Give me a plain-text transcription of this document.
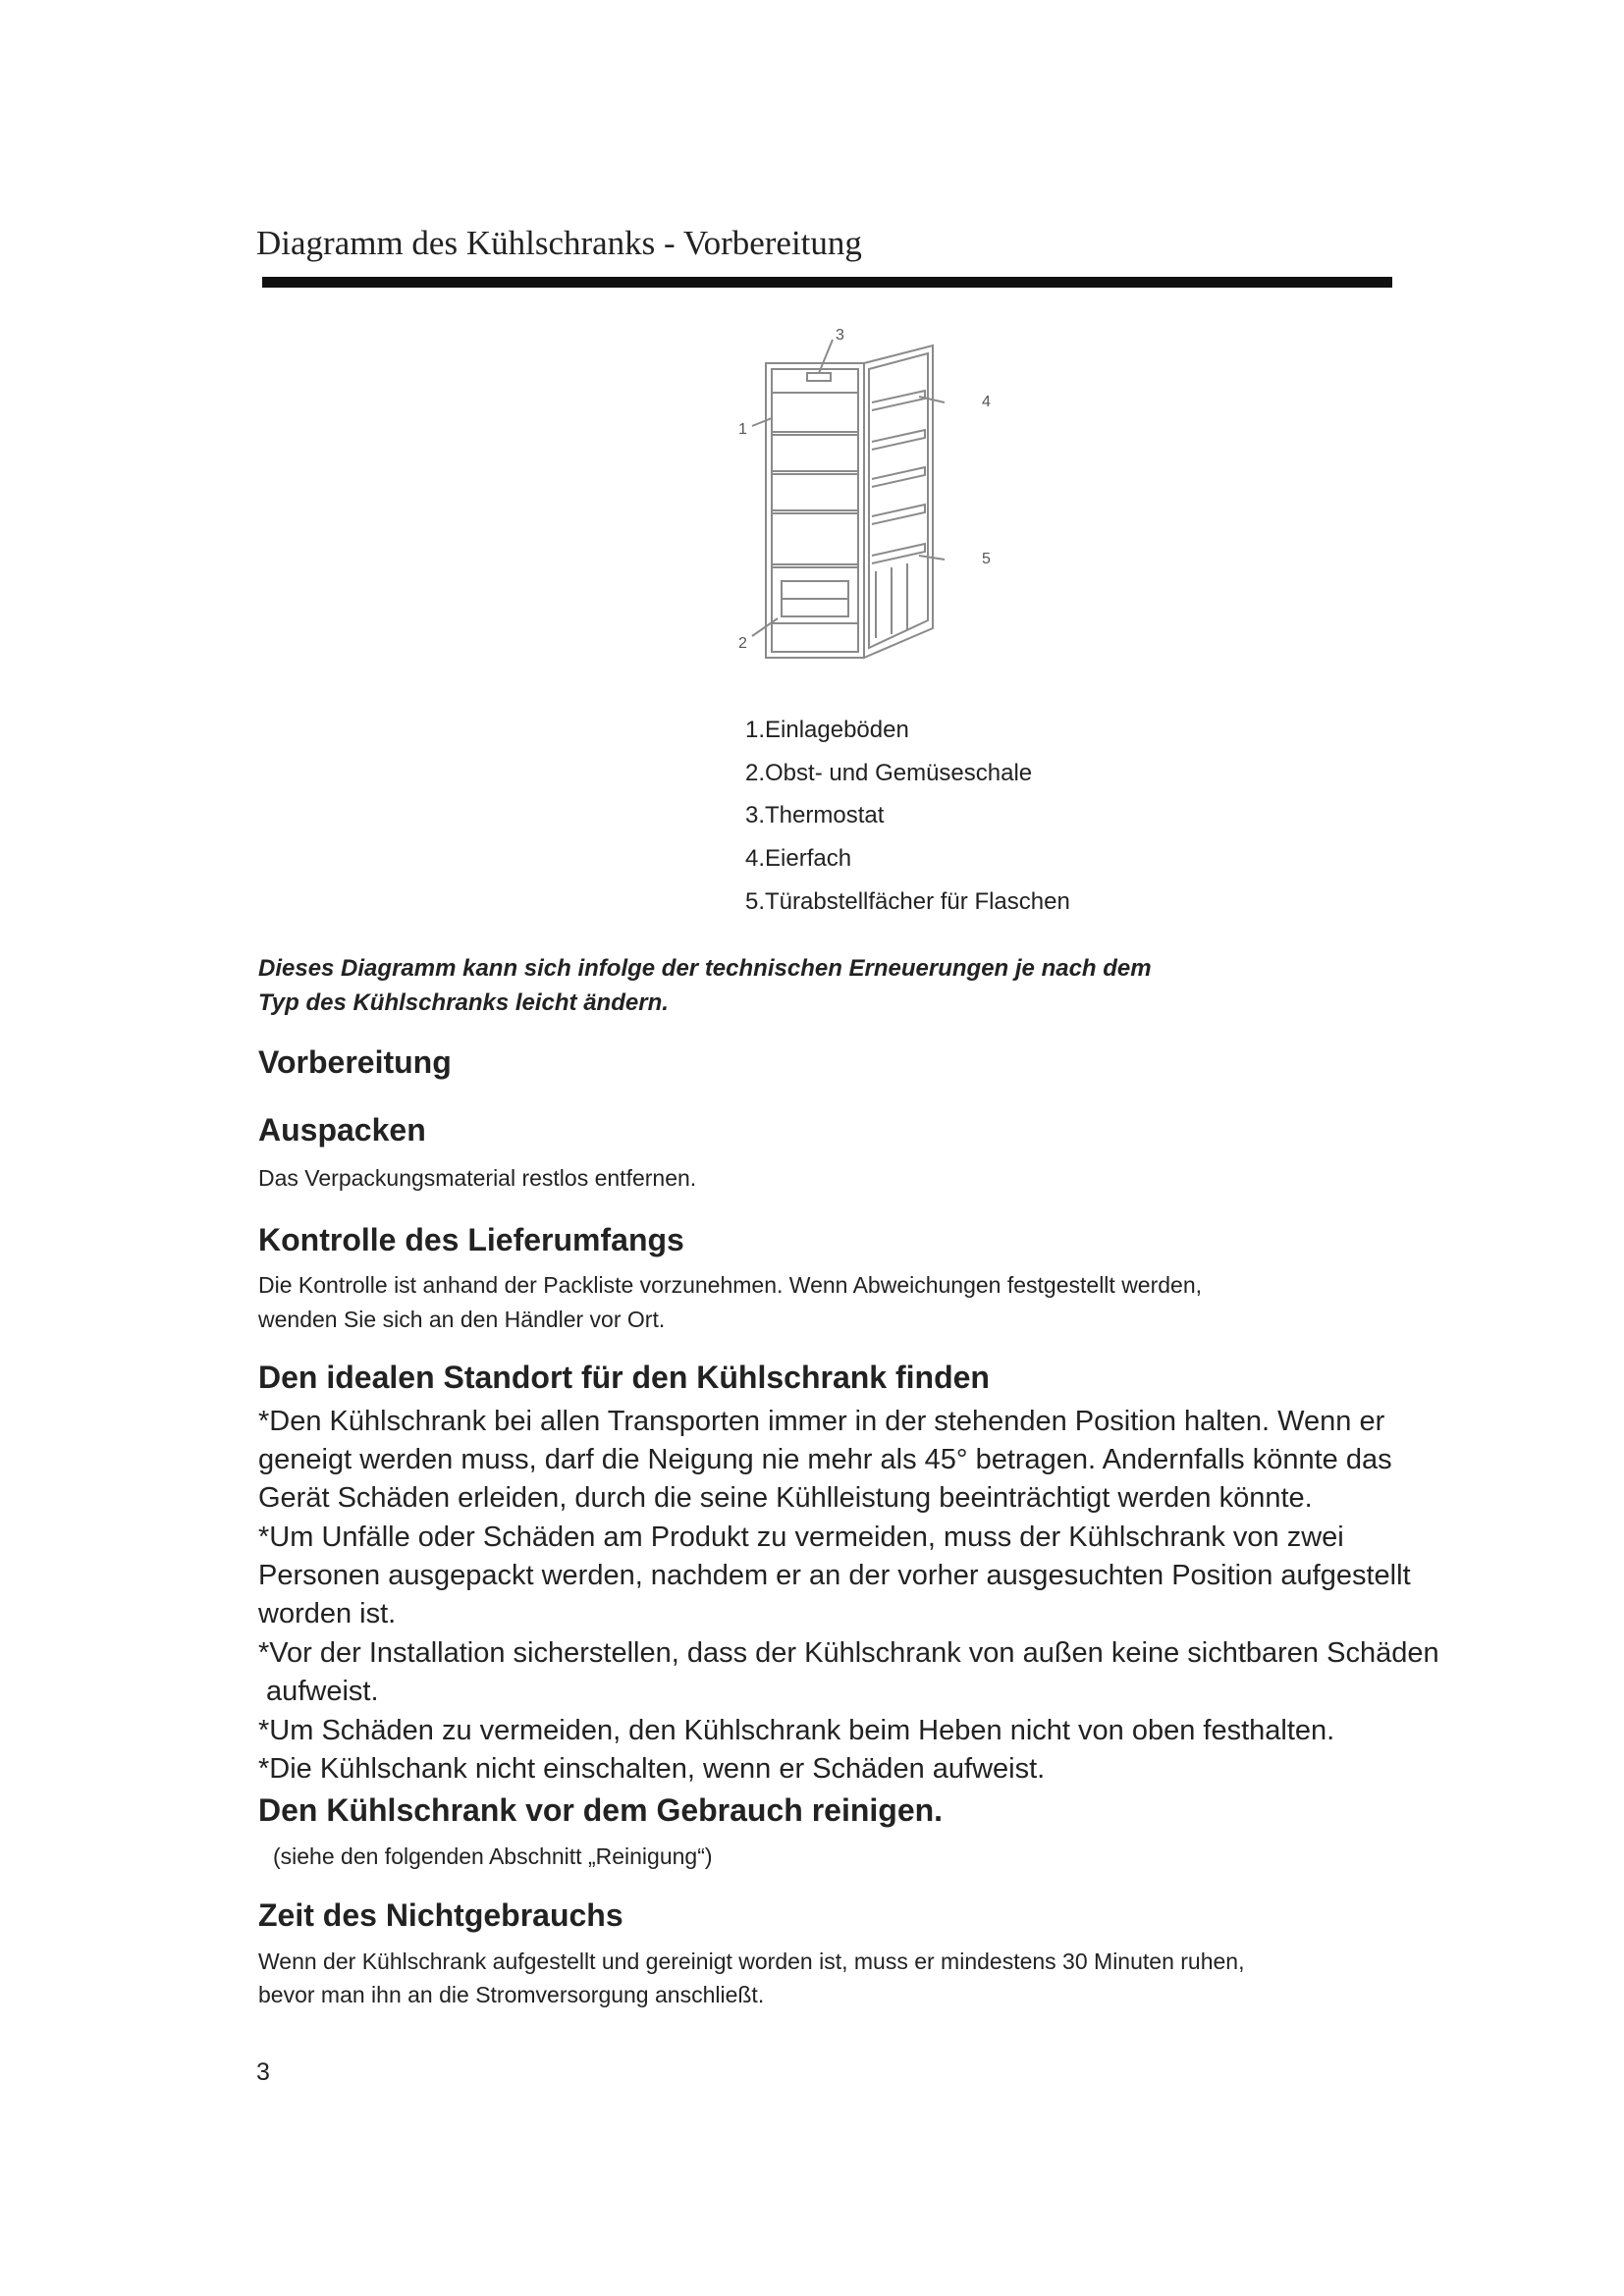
Diagramm des Kühlschranks - Vorbereitung
1
2
3
4
5
1.Einlageböden
2.Obst- und Gemüseschale
3.Thermostat
4.Eierfach
5.Türabstellfächer für Flaschen
Dieses Diagramm kann sich infolge der technischen Erneuerungen je nach dem
Typ des Kühlschranks leicht ändern.
Vorbereitung
Auspacken
Das Verpackungsmaterial restlos entfernen.
Kontrolle des Lieferumfangs
Die Kontrolle ist anhand der Packliste vorzunehmen. Wenn Abweichungen festgestellt werden,
wenden Sie sich an den Händler vor Ort.
Den idealen Standort für den Kühlschrank finden
*Den Kühlschrank bei allen Transporten immer in der stehenden Position halten. Wenn er
geneigt werden muss, darf die Neigung nie mehr als 45° betragen. Andernfalls könnte das
Gerät Schäden erleiden, durch die seine Kühlleistung beeinträchtigt werden könnte.
*Um Unfälle oder Schäden am Produkt zu vermeiden, muss der Kühlschrank von zwei
Personen ausgepackt werden, nachdem er an der vorher ausgesuchten Position aufgestellt
worden ist.
*Vor der Installation sicherstellen, dass der Kühlschrank von außen keine sichtbaren Schäden
aufweist.
*Um Schäden zu vermeiden, den Kühlschrank beim Heben nicht von oben festhalten.
*Die Kühlschank nicht einschalten, wenn er Schäden aufweist.
Den Kühlschrank vor dem Gebrauch reinigen.
(siehe den folgenden Abschnitt „Reinigung“)
Zeit des Nichtgebrauchs
Wenn der Kühlschrank aufgestellt und gereinigt worden ist, muss er mindestens 30 Minuten ruhen,
bevor man ihn an die Stromversorgung anschließt.
3
